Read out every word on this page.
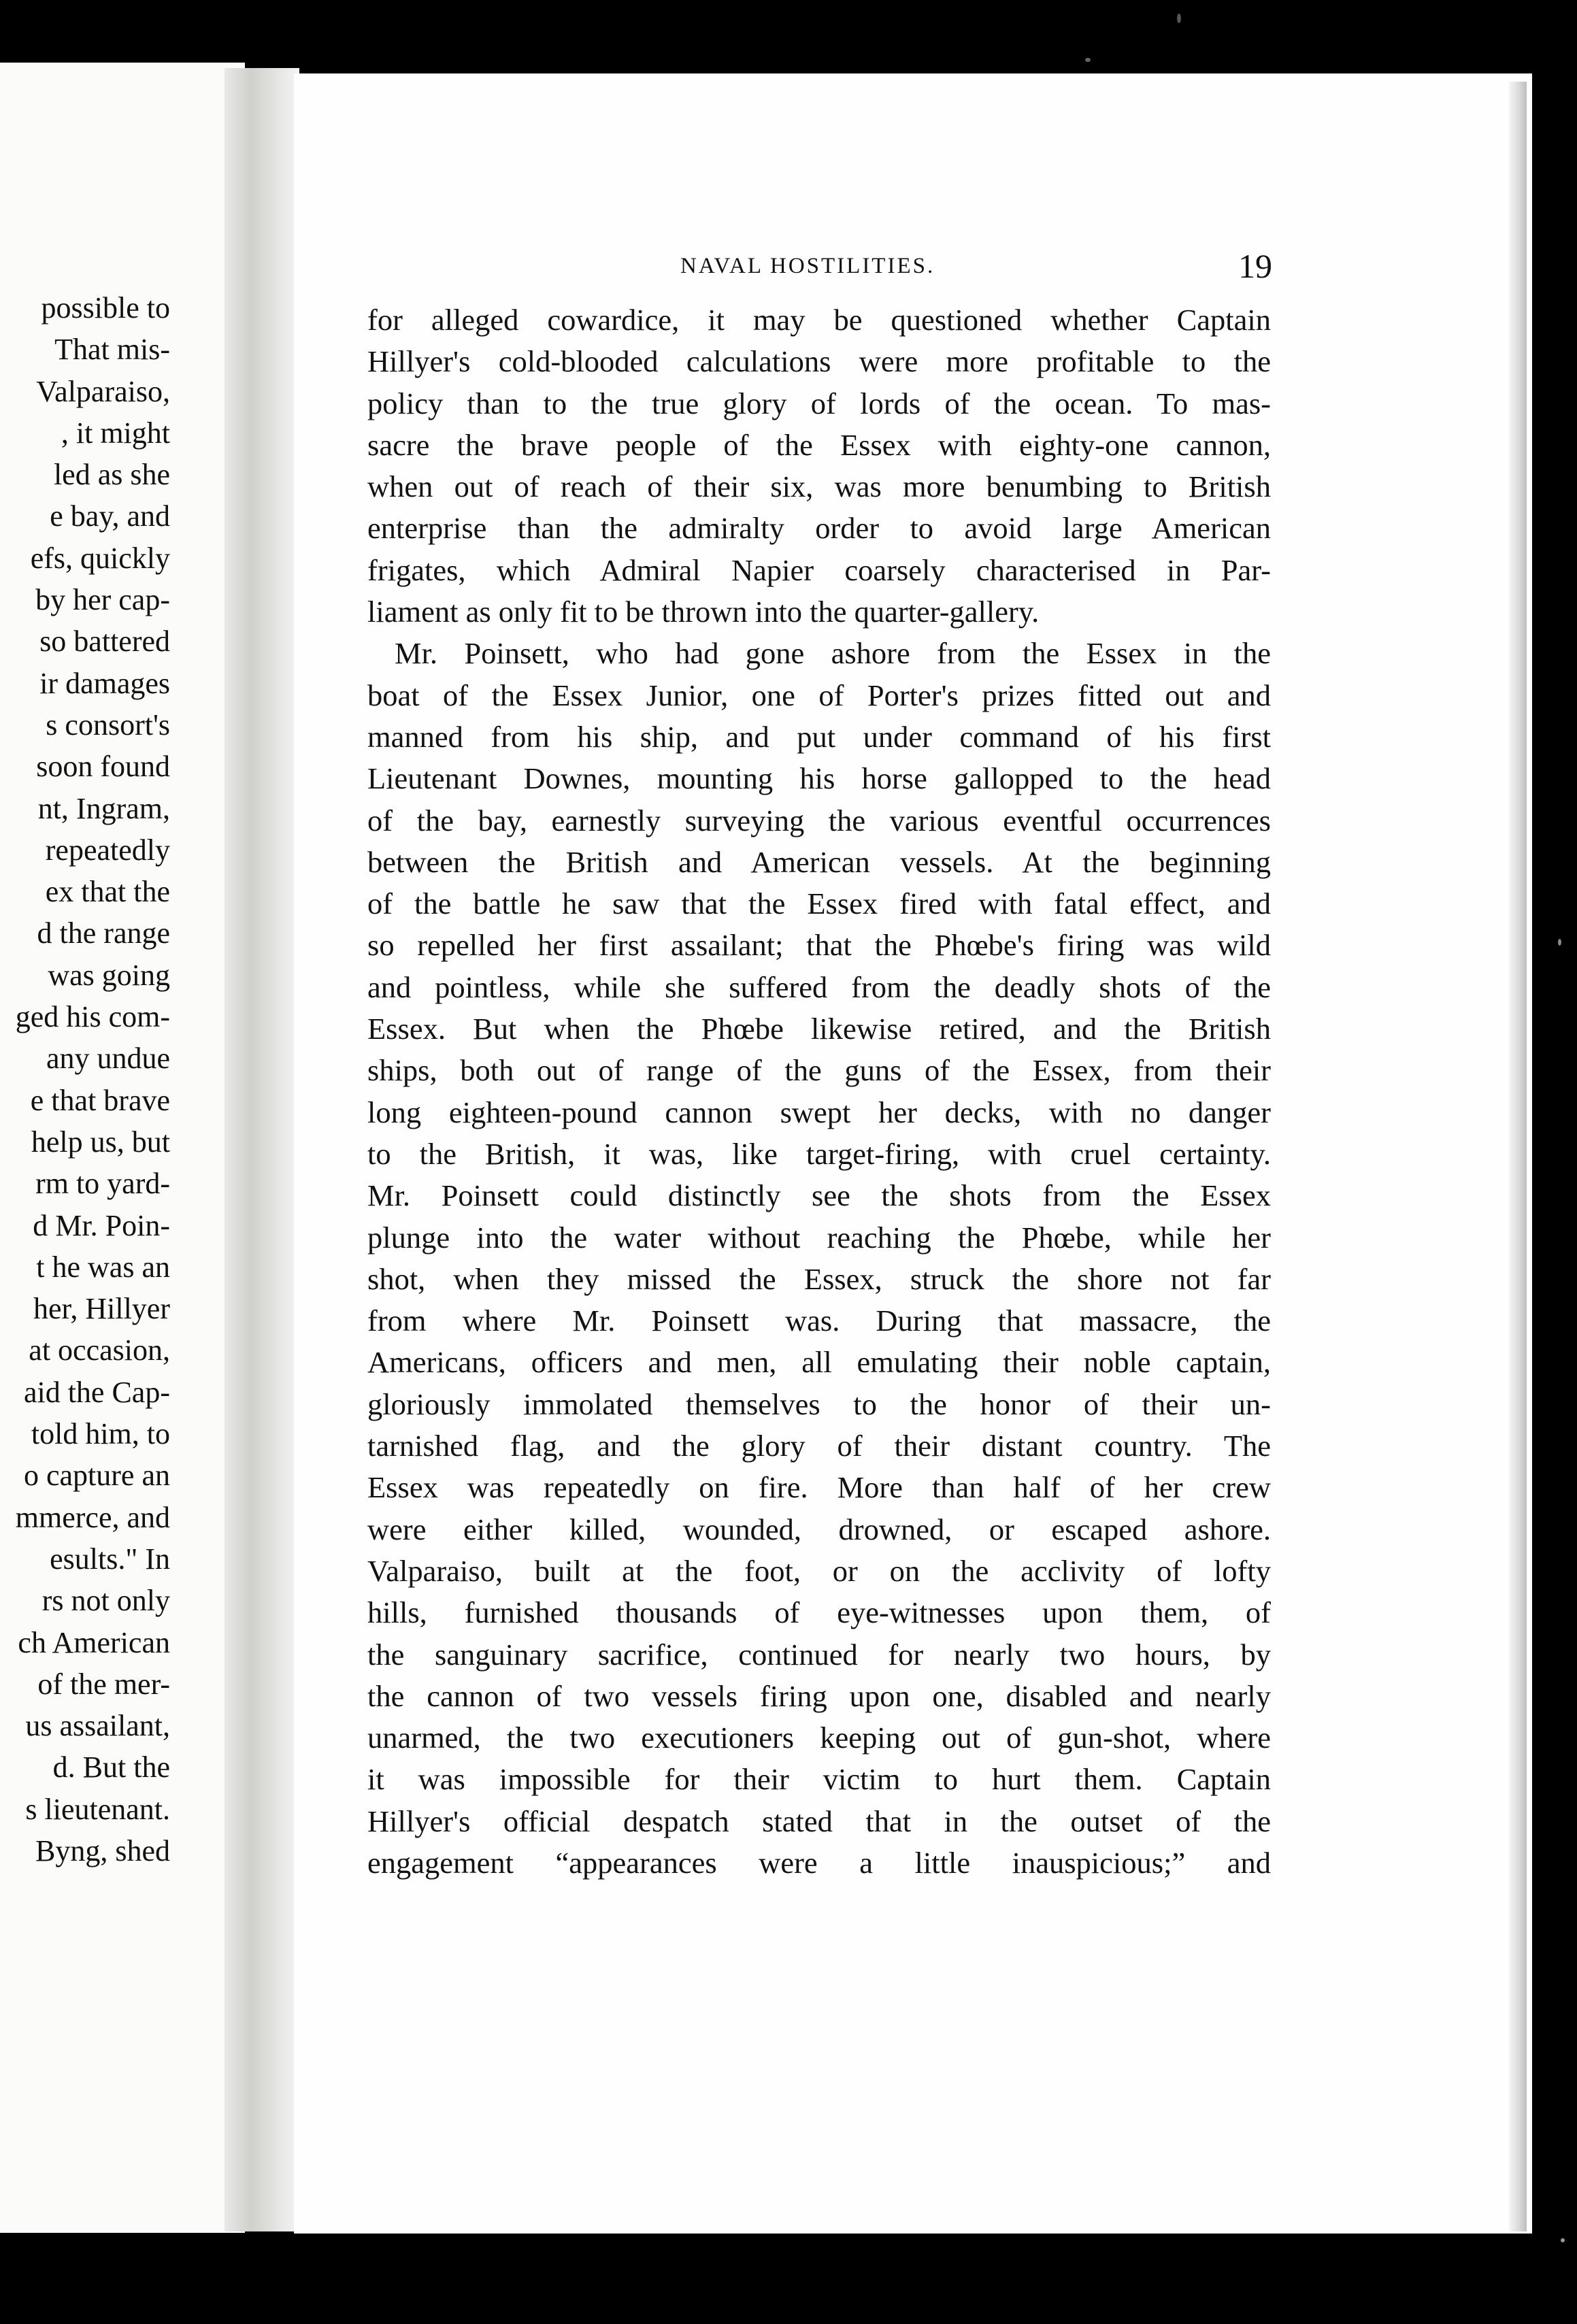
possible to
That mis-
Valparaiso,
, it might
led as she
e bay, and
efs, quickly
by her cap-
so battered
ir damages
s consort's
soon found
nt, Ingram,
repeatedly
ex that the
d the range
was going
ged his com-
any undue
e that brave
help us, but
rm to yard-
d Mr. Poin-
t he was an
her, Hillyer
at occasion,
aid the Cap-
told him, to
o capture an
mmerce, and
esults." In
rs not only
ch American
of the mer-
us assailant,
d. But the
s lieutenant.
Byng, shed
NAVAL HOSTILITIES.	19
for alleged cowardice, it may be questioned whether Captain
Hillyer's cold-blooded calculations were more profitable to the
policy than to the true glory of lords of the ocean. To mas-
sacre the brave people of the Essex with eighty-one cannon,
when out of reach of their six, was more benumbing to British
enterprise than the admiralty order to avoid large American
frigates, which Admiral Napier coarsely characterised in Par-
liament as only fit to be thrown into the quarter-gallery.
Mr. Poinsett, who had gone ashore from the Essex in the
boat of the Essex Junior, one of Porter's prizes fitted out and
manned from his ship, and put under command of his first
Lieutenant Downes, mounting his horse gallopped to the head
of the bay, earnestly surveying the various eventful occurrences
between the British and American vessels. At the beginning
of the battle he saw that the Essex fired with fatal effect, and
so repelled her first assailant; that the Phœbe's firing was wild
and pointless, while she suffered from the deadly shots of the
Essex. But when the Phœbe likewise retired, and the British
ships, both out of range of the guns of the Essex, from their
long eighteen-pound cannon swept her decks, with no danger
to the British, it was, like target-firing, with cruel certainty.
Mr. Poinsett could distinctly see the shots from the Essex
plunge into the water without reaching the Phœbe, while her
shot, when they missed the Essex, struck the shore not far
from where Mr. Poinsett was. During that massacre, the
Americans, officers and men, all emulating their noble captain,
gloriously immolated themselves to the honor of their un-
tarnished flag, and the glory of their distant country. The
Essex was repeatedly on fire. More than half of her crew
were either killed, wounded, drowned, or escaped ashore.
Valparaiso, built at the foot, or on the acclivity of lofty
hills, furnished thousands of eye-witnesses upon them, of
the sanguinary sacrifice, continued for nearly two hours, by
the cannon of two vessels firing upon one, disabled and nearly
unarmed, the two executioners keeping out of gun-shot, where
it was impossible for their victim to hurt them. Captain
Hillyer's official despatch stated that in the outset of the
engagement “appearances were a little inauspicious;” and
